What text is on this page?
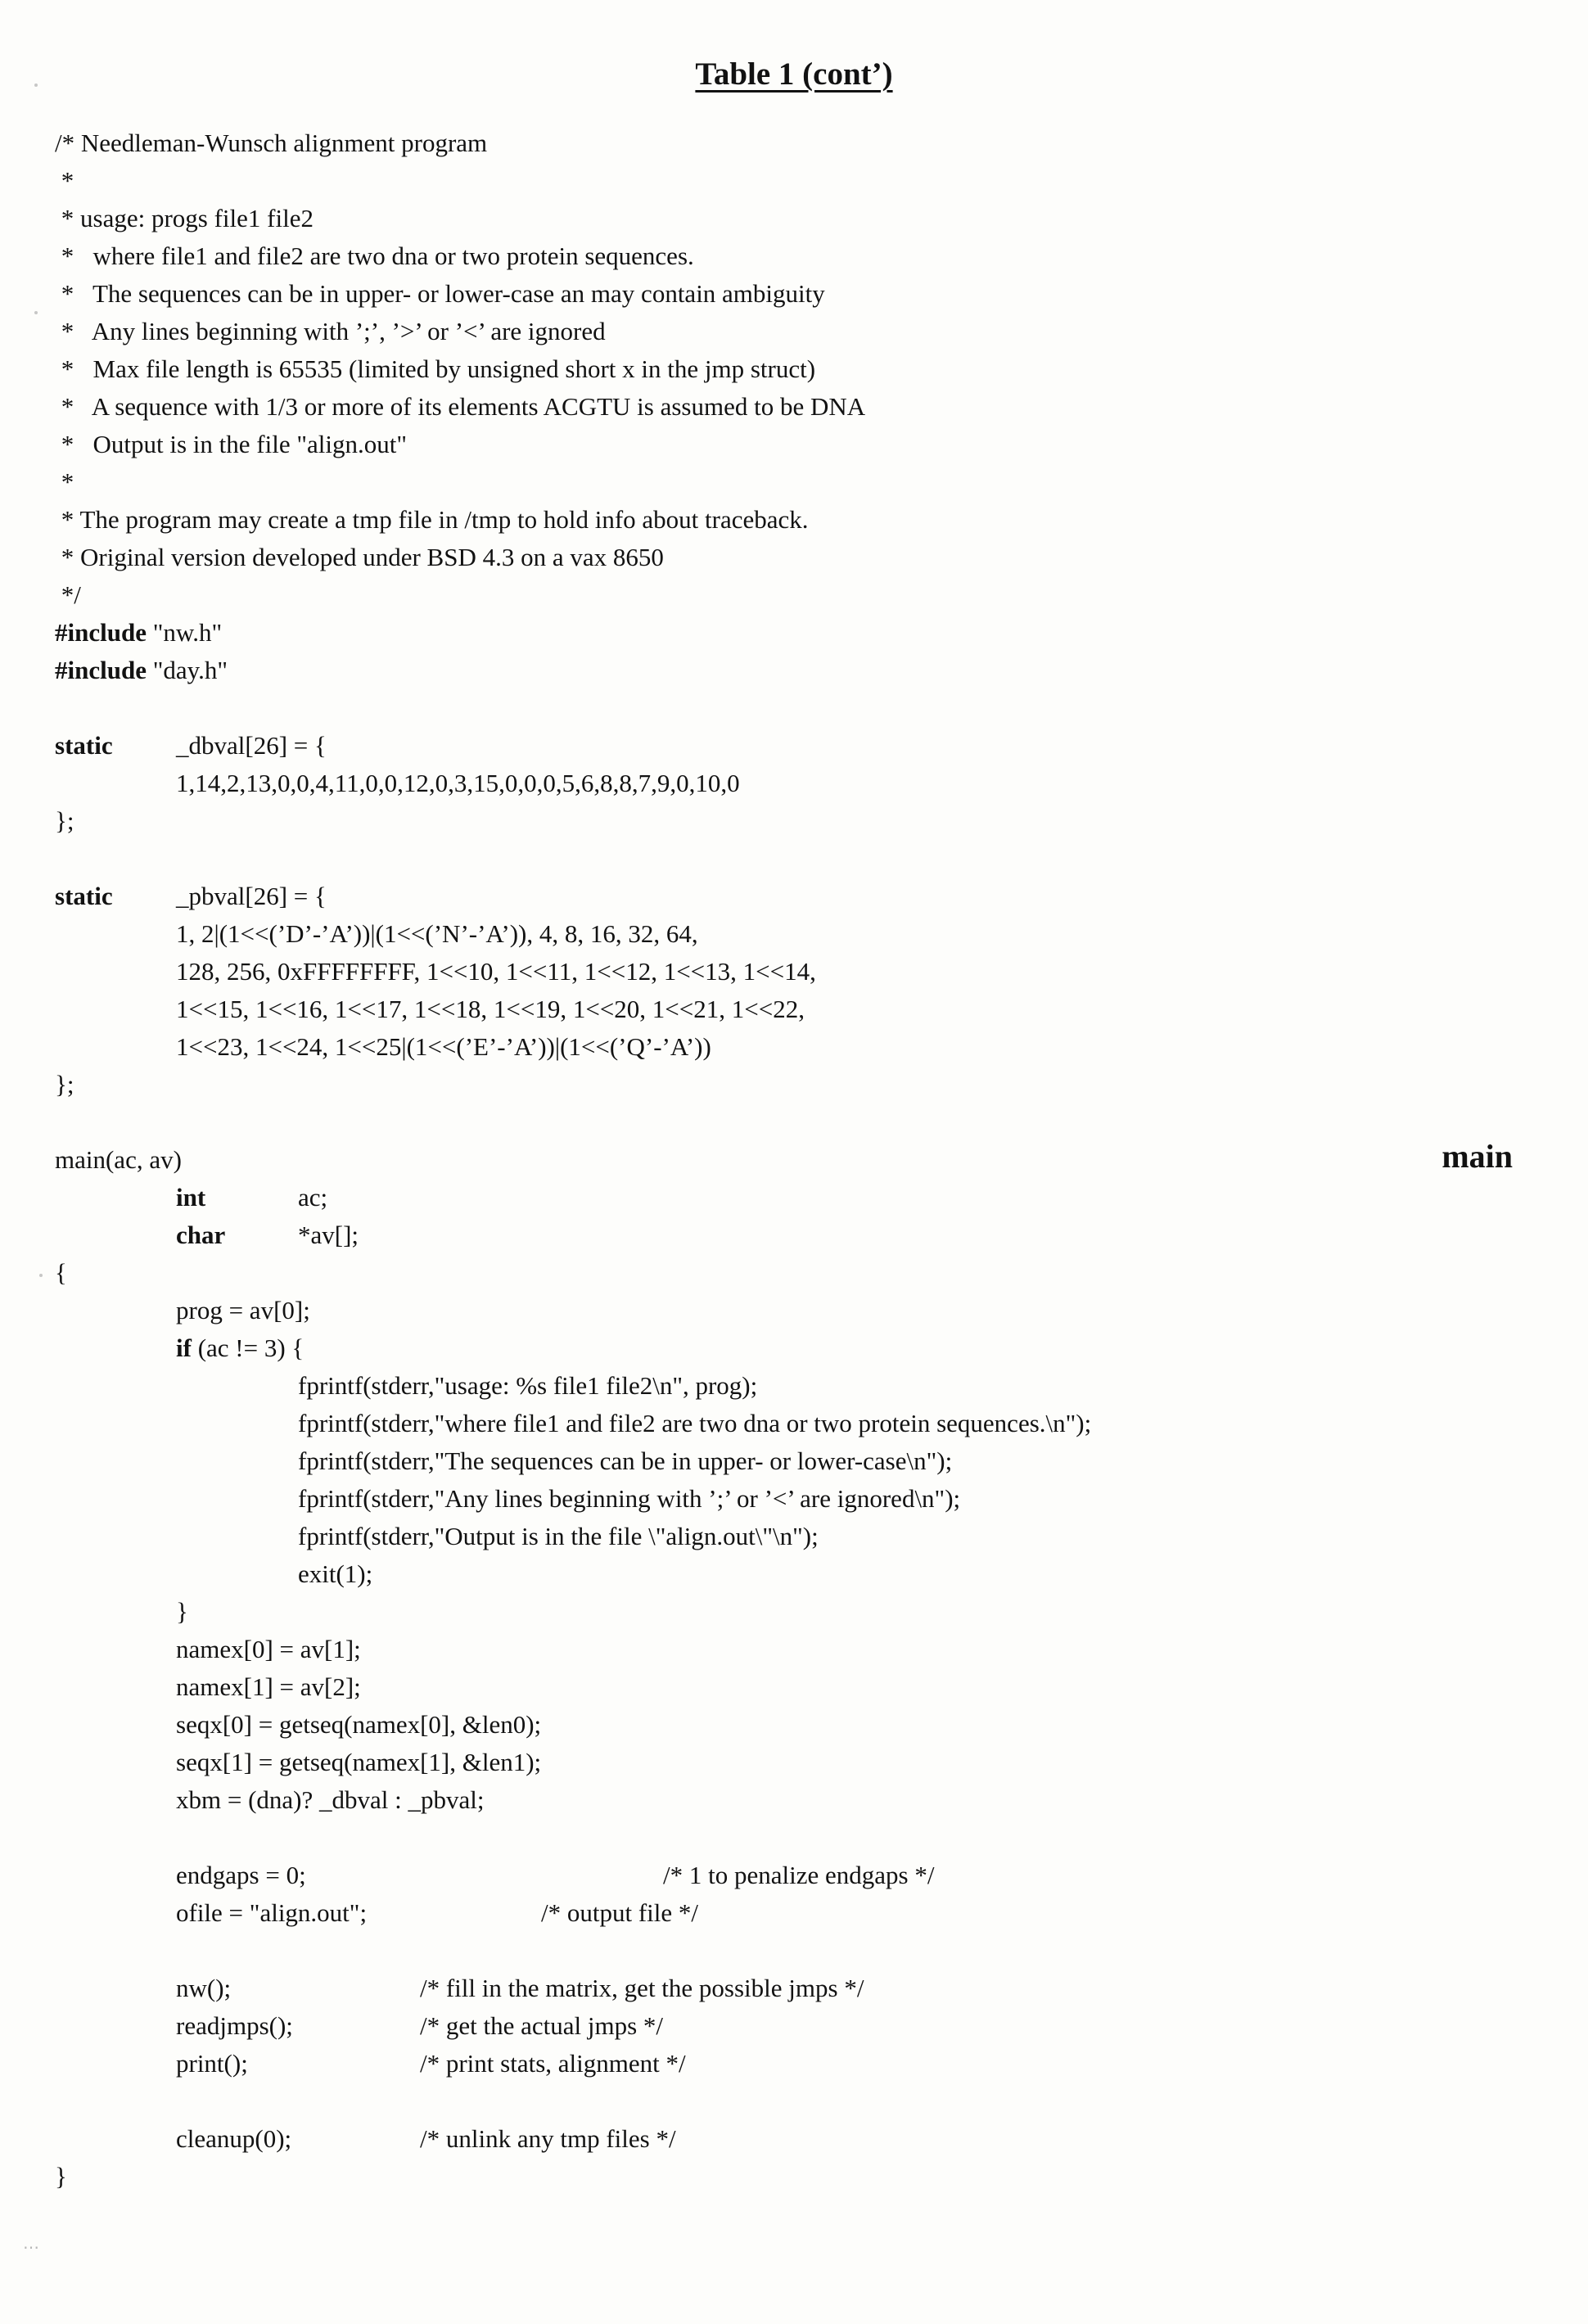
Table 1 (cont’)
/* Needleman-Wunsch alignment program
*
* usage: progs file1 file2
*   where file1 and file2 are two dna or two protein sequences.
*   The sequences can be in upper- or lower-case an may contain ambiguity
*   Any lines beginning with ’;’, ’>’ or ’<’ are ignored
*   Max file length is 65535 (limited by unsigned short x in the jmp struct)
*   A sequence with 1/3 or more of its elements ACGTU is assumed to be DNA
*   Output is in the file "align.out"
*
* The program may create a tmp file in /tmp to hold info about traceback.
* Original version developed under BSD 4.3 on a vax 8650
*/
#include "nw.h"
#include "day.h"
static _dbval[26] = {
1,14,2,13,0,0,4,11,0,0,12,0,3,15,0,0,0,5,6,8,8,7,9,0,10,0
};
static _pbval[26] = {
1, 2|(1<<(’D’-’A’))|(1<<(’N’-’A’)), 4, 8, 16, 32, 64,
128, 256, 0xFFFFFFFF, 1<<10, 1<<11, 1<<12, 1<<13, 1<<14,
1<<15, 1<<16, 1<<17, 1<<18, 1<<19, 1<<20, 1<<21, 1<<22,
1<<23, 1<<24, 1<<25|(1<<(’E’-’A’))|(1<<(’Q’-’A’))
};
main(ac, av)	main
int	ac;
char	*av[];
{
prog = av[0];
if (ac != 3) {
fprintf(stderr,"usage: %s file1 file2\n", prog);
fprintf(stderr,"where file1 and file2 are two dna or two protein sequences.\n");
fprintf(stderr,"The sequences can be in upper- or lower-case\n");
fprintf(stderr,"Any lines beginning with ’;’ or ’<’ are ignored\n");
fprintf(stderr,"Output is in the file \"align.out\"\n");
exit(1);
}
namex[0] = av[1];
namex[1] = av[2];
seqx[0] = getseq(namex[0], &len0);
seqx[1] = getseq(namex[1], &len1);
xbm = (dna)? _dbval : _pbval;
endgaps = 0;	/* 1 to penalize endgaps */
ofile = "align.out";	/* output file */
nw();	/* fill in the matrix, get the possible jmps */
readjmps();	/* get the actual jmps */
print();	/* print stats, alignment */
cleanup(0);	/* unlink any tmp files */
}
⋯
